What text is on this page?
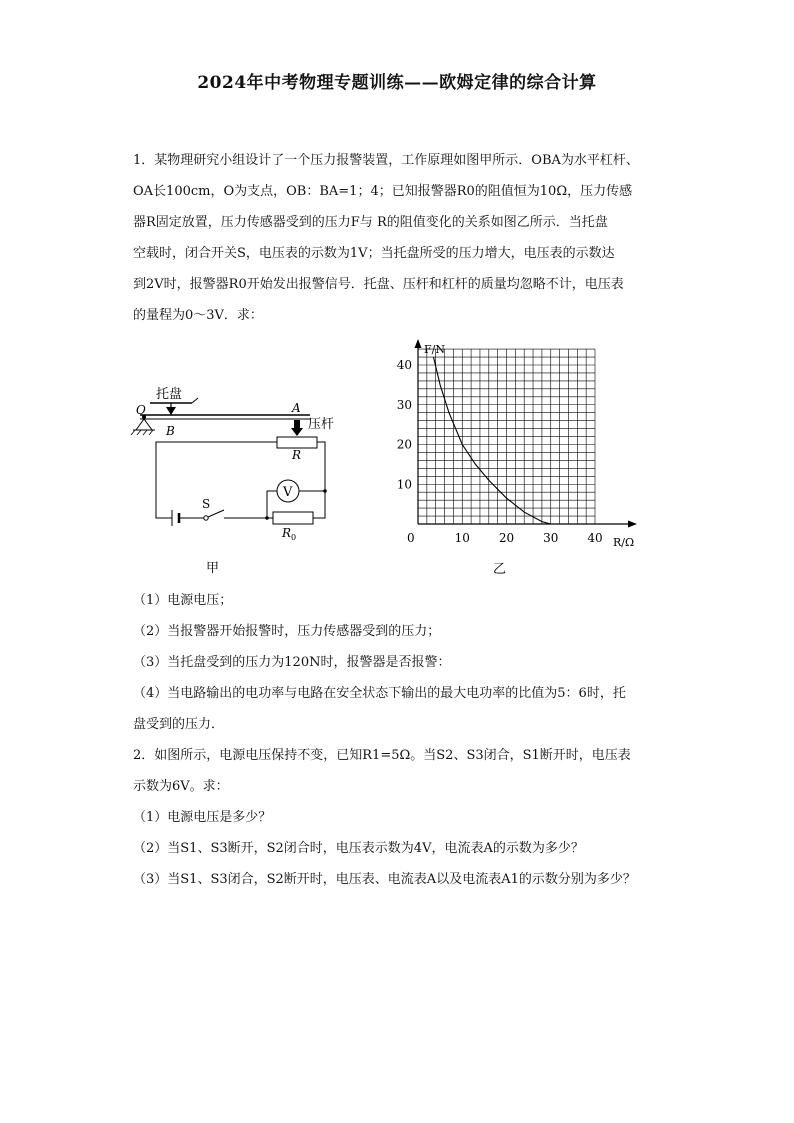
2024年中考物理专题训练——欧姆定律的综合计算
1．某物理研究小组设计了一个压力报警装置，工作原理如图甲所示．OBA为水平杠杆、
OA长100cm，O为支点，OB：BA=1；4；已知报警器R0的阻值恒为10Ω，压力传感
器R固定放置，压力传感器受到的压力F与 R的阻值变化的关系如图乙所示．当托盘
空载时，闭合开关S，电压表的示数为1V；当托盘所受的压力增大，电压表的示数达
到2V时，报警器R0开始发出报警信号．托盘、压杆和杠杆的质量均忽略不计，电压表
的量程为0～3V．求：
托盘
O
B
A
压杆
R
S
V
$R_0$
甲
10 20 30 40
10
20
30
40
F/N
R/Ω
0
乙
（1）电源电压；
（2）当报警器开始报警时，压力传感器受到的压力；
（3）当托盘受到的压力为120N时，报警器是否报警：
（4）当电路输出的电功率与电路在安全状态下输出的最大电功率的比值为5：6时，托
盘受到的压力．
2．如图所示，电源电压保持不变，已知R1=5Ω。当S2、S3闭合，S1断开时，电压表
示数为6V。求：
（1）电源电压是多少？
（2）当S1、S3断开，S2闭合时，电压表示数为4V，电流表A的示数为多少？
（3）当S1、S3闭合，S2断开时，电压表、电流表A以及电流表A1的示数分别为多少？
